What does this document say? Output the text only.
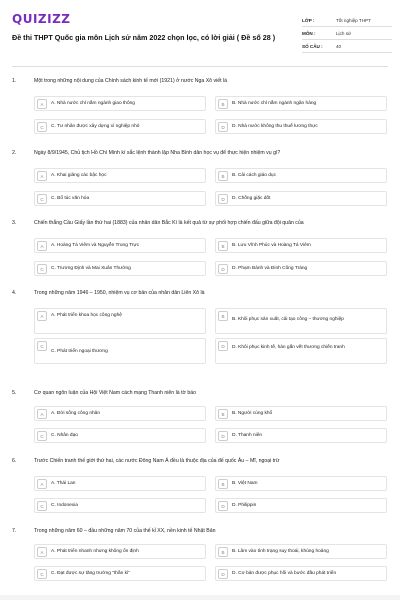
QUIZIZZ
Đề thi THPT Quốc gia môn Lịch sử năm 2022 chọn lọc, có lời giải ( Đề số 28 )
LỚP :	Tốt nghiệp THPT
MÔN :	Lịch sử
SỐ CÂU :	40
1.	Một trong những nội dung của Chính sách kinh tế mới (1921) ở nước Nga Xô viết là
A	A. Nhà nước chỉ nắm ngành giao thông	B	B. Nhà nước chỉ nắm ngành ngân hàng
C	C. Tư nhân được xây dựng xí nghiệp nhỏ	D	D. Nhà nước không thu thuế lương thực
2.	Ngày 8/9/1945, Chủ tịch Hồ Chí Minh kí sắc lệnh thành lập Nha Bình dân học vụ để thực hiện nhiệm vụ gì?
A	A. Khai giảng các bậc học	B	B. Cải cách giáo dục
C	C. Bổ túc văn hóa	D	D. Chống giặc dốt
3.	Chiến thắng Cầu Giấy lần thứ hai (1883) của nhân dân Bắc Kì là kết quả từ sự phối hợp chiến đấu giữa đội quân của
A	A. Hoàng Tá Viêm và Nguyễn Trung Trực	B	B. Lưu Vĩnh Phúc và Hoàng Tá Viêm
C	C. Trương Định và Mai Xuân Thưởng	D	D. Phạm Bành và Đinh Công Tráng
4.	Trong những năm 1946 – 1950, nhiệm vụ cơ bản của nhân dân Liên Xô là
A	A. Phát triển khoa học công nghệ	B
B. Khôi phục sản xuất, cải tạo công – thương nghiệp
C
C. Phát triển ngoại thương
D	D. Khôi phục kinh tế, hàn gắn vết thương chiến tranh
5.	Cơ quan ngôn luận của Hội Việt Nam cách mạng Thanh niên là tờ báo
A	A. Đời sống công nhân	B	B. Người cùng khổ
C	C. Nhân đạo	D	D. Thanh niên
6.	Trước Chiến tranh thế giới thứ hai, các nước Đông Nam Á đều là thuộc địa của đế quốc Âu – Mĩ, ngoại trừ
A	A. Thái Lan	B	B. Việt Nam
C	C. Indonexia	D	D. Philippin
7.	Trong những năm 60 – đầu những năm 70 của thế kỉ XX, nền kinh tế Nhật Bản
A	A. Phát triển nhanh nhưng không ổn định	B	B. Lâm vào tình trạng suy thoái, khủng hoảng
C	C. Đạt được sự tăng trưởng "thần kì"	D	D. Cơ bản được phục hồi và bước đầu phát triển
